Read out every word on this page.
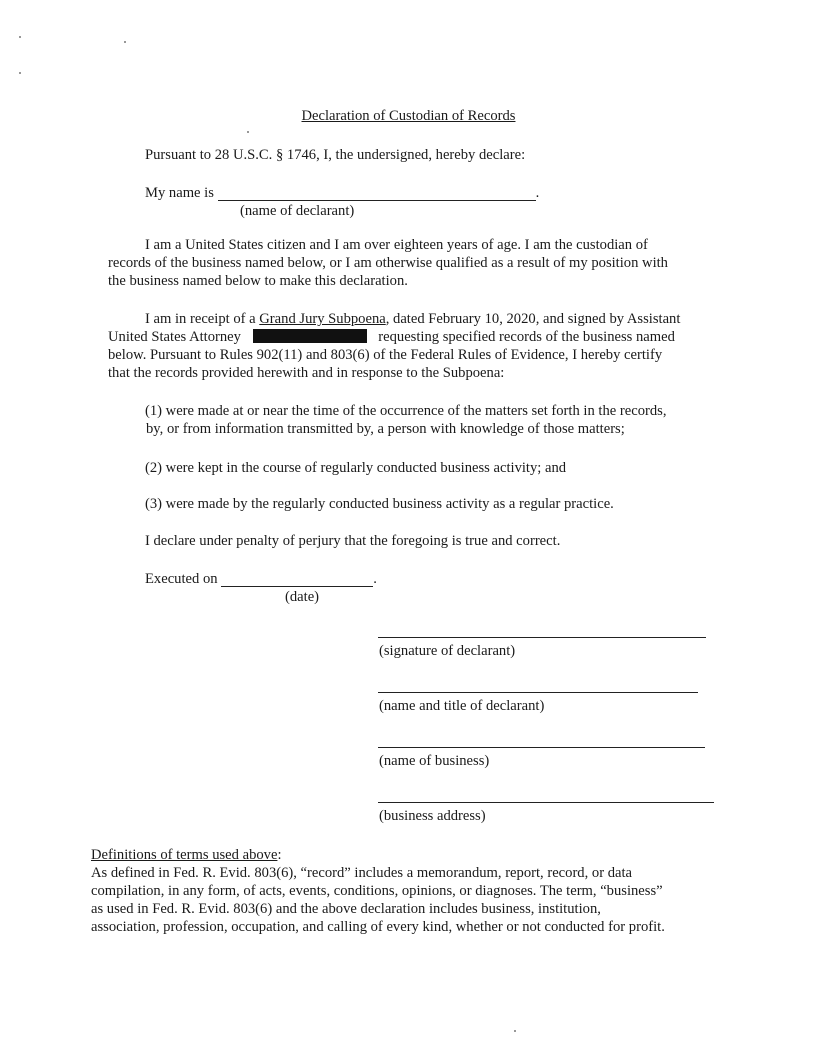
Declaration of Custodian of Records
Pursuant to 28 U.S.C. § 1746, I, the undersigned, hereby declare:
My name is	.
(name of declarant)
I am a United States citizen and I am over eighteen years of age. I am the custodian of
records of the business named below, or I am otherwise qualified as a result of my position with
the business named below to make this declaration.
I am in receipt of a Grand Jury Subpoena, dated February 10, 2020, and signed by Assistant
United States Attorney	requesting specified records of the business named
below. Pursuant to Rules 902(11) and 803(6) of the Federal Rules of Evidence, I hereby certify
that the records provided herewith and in response to the Subpoena:
(1) were made at or near the time of the occurrence of the matters set forth in the records,
by, or from information transmitted by, a person with knowledge of those matters;
(2) were kept in the course of regularly conducted business activity; and
(3) were made by the regularly conducted business activity as a regular practice.
I declare under penalty of perjury that the foregoing is true and correct.
Executed on	.
(date)
(signature of declarant)
(name and title of declarant)
(name of business)
(business address)
Definitions of terms used above:
As defined in Fed. R. Evid. 803(6), “record” includes a memorandum, report, record, or data
compilation, in any form, of acts, events, conditions, opinions, or diagnoses. The term, “business”
as used in Fed. R. Evid. 803(6) and the above declaration includes business, institution,
association, profession, occupation, and calling of every kind, whether or not conducted for profit.
